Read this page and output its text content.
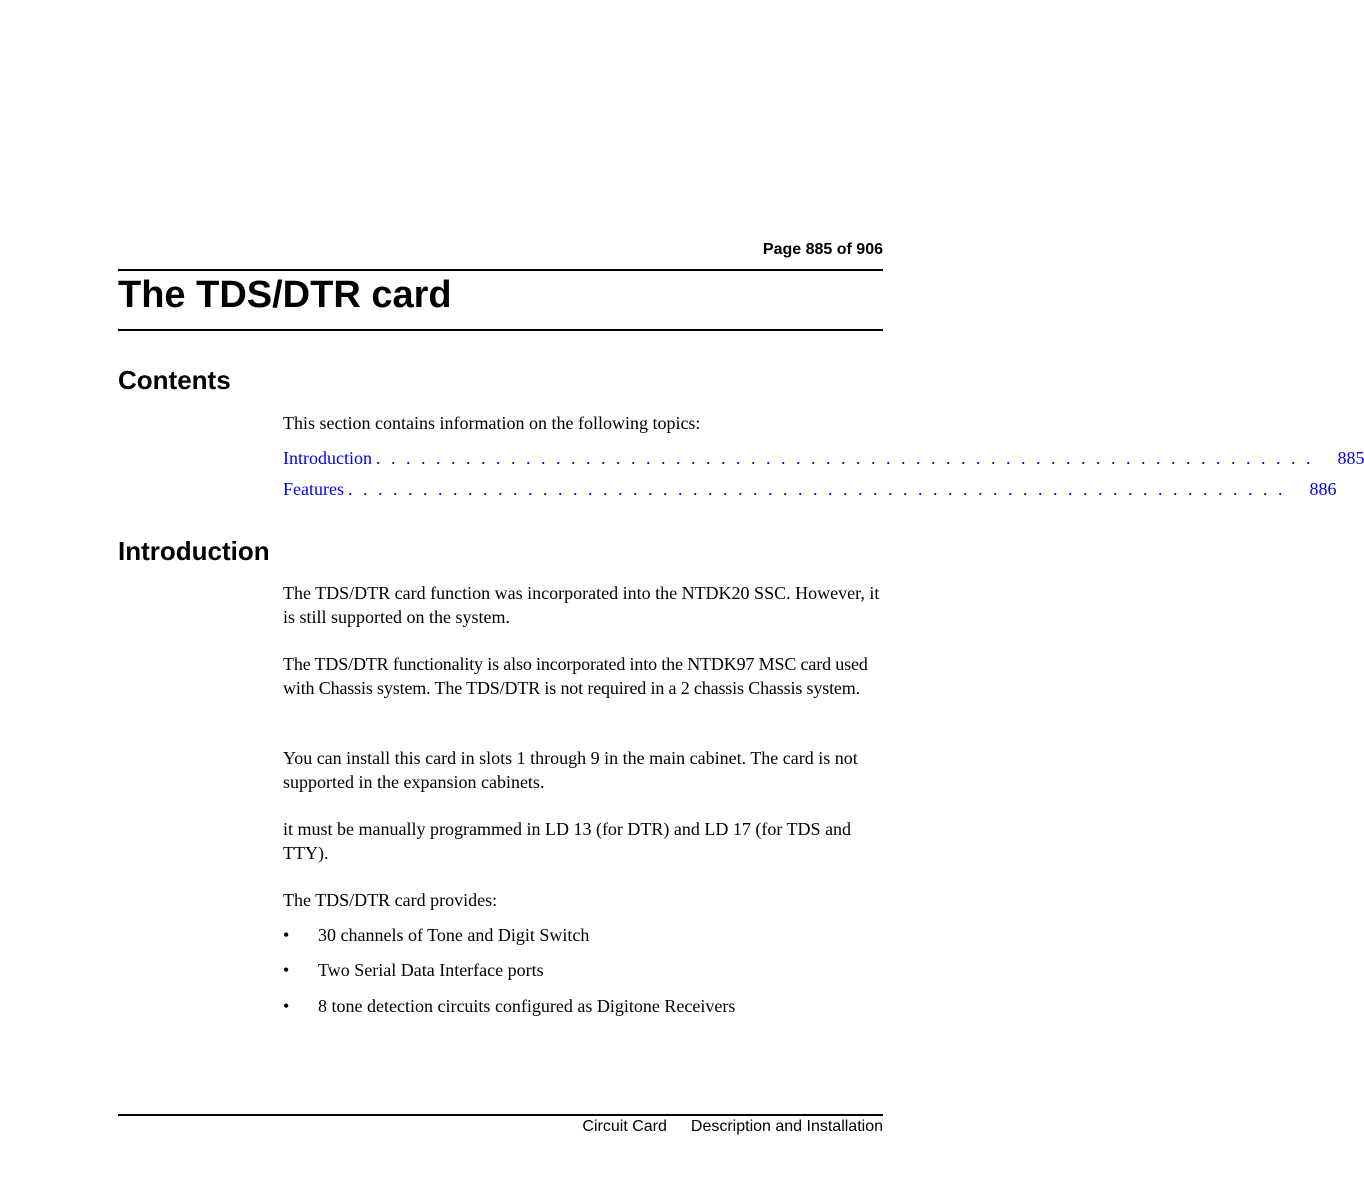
Page 885 of 906
The TDS/DTR card
Contents
This section contains information on the following topics:
Introduction . . . . . . . . . . . . . . . . . . . . . . . . . . . . . . . . . . . . . . . . . . . . . . . . . . . . . . . . . . . . . . . 885
Features . . . . . . . . . . . . . . . . . . . . . . . . . . . . . . . . . . . . . . . . . . . . . . . . . . . . . . . . . . . . . . . 886
Introduction

The TDS/DTR card function was incorporated into the NTDK20 SSC. However, it is still supported on the system.

The TDS/DTR functionality is also incorporated into the NTDK97 MSC card used with Chassis system. The TDS/DTR is not required in a 2 chassis Chassis system.

You can install this card in slots 1 through 9 in the main cabinet. The card is not supported in the expansion cabinets.

it must be manually programmed in LD 13 (for DTR) and LD 17 (for TDS and TTY).

The TDS/DTR card provides:

• 30 channels of Tone and Digit Switch
• Two Serial Data Interface ports
• 8 tone detection circuits configured as Digitone Receivers
Circuit Card Description and Installation
